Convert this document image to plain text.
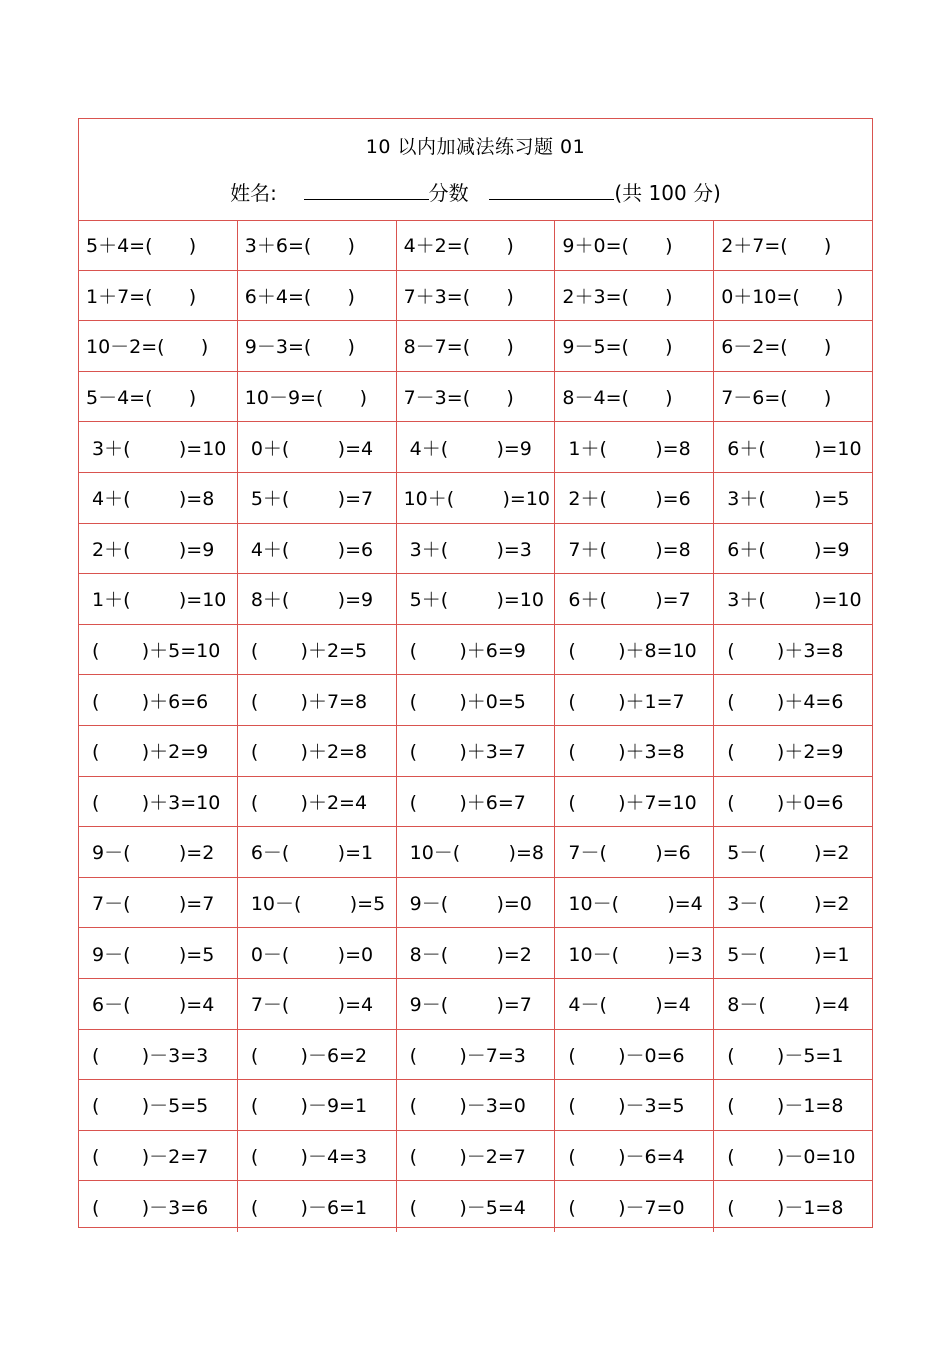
10 以内加减法练习题 01
姓名:	分数	(共 100 分)
5＋4=(      )	3＋6=(      )	4＋2=(      )	9＋0=(      )	2＋7=(      )
1＋7=(      )	6＋4=(      )	7＋3=(      )	2＋3=(      )	0＋10=(      )
10－2=(      )	9－3=(      )	8－7=(      )	9－5=(      )	6－2=(      )
5－4=(      )	10－9=(      )	7－3=(      )	8－4=(      )	7－6=(      )
3＋(        )=10 0＋(        )=4	4＋(        )=9	1＋(        )=8	6＋(        )=10
4＋(        )=8	5＋(        )=7	10＋(        )=10 2＋(        )=6	3＋(        )=5
2＋(        )=9	4＋(        )=6	3＋(        )=3	7＋(        )=8	6＋(        )=9
1＋(        )=10 8＋(        )=9	5＋(        )=10 6＋(        )=7	3＋(        )=10
(       )＋5=10	(       )＋2=5	(       )＋6=9	(       )＋8=10	(       )＋3=8
(       )＋6=6	(       )＋7=8	(       )＋0=5	(       )＋1=7	(       )＋4=6
(       )＋2=9	(       )＋2=8	(       )＋3=7	(       )＋3=8	(       )＋2=9
(       )＋3=10	(       )＋2=4	(       )＋6=7	(       )＋7=10	(       )＋0=6
9－(        )=2	6－(        )=1	10－(        )=8 7－(        )=6	5－(        )=2
7－(        )=7	10－(        )=5 9－(        )=0	10－(        )=4 3－(        )=2
9－(        )=5	0－(        )=0	8－(        )=2	10－(        )=3 5－(        )=1
6－(        )=4	7－(        )=4	9－(        )=7	4－(        )=4	8－(        )=4
(       )－3=3	(       )－6=2	(       )－7=3	(       )－0=6	(       )－5=1
(       )－5=5	(       )－9=1	(       )－3=0	(       )－3=5	(       )－1=8
(       )－2=7	(       )－4=3	(       )－2=7	(       )－6=4	(       )－0=10
(       )－3=6	(       )－6=1	(       )－5=4	(       )－7=0	(       )－1=8
